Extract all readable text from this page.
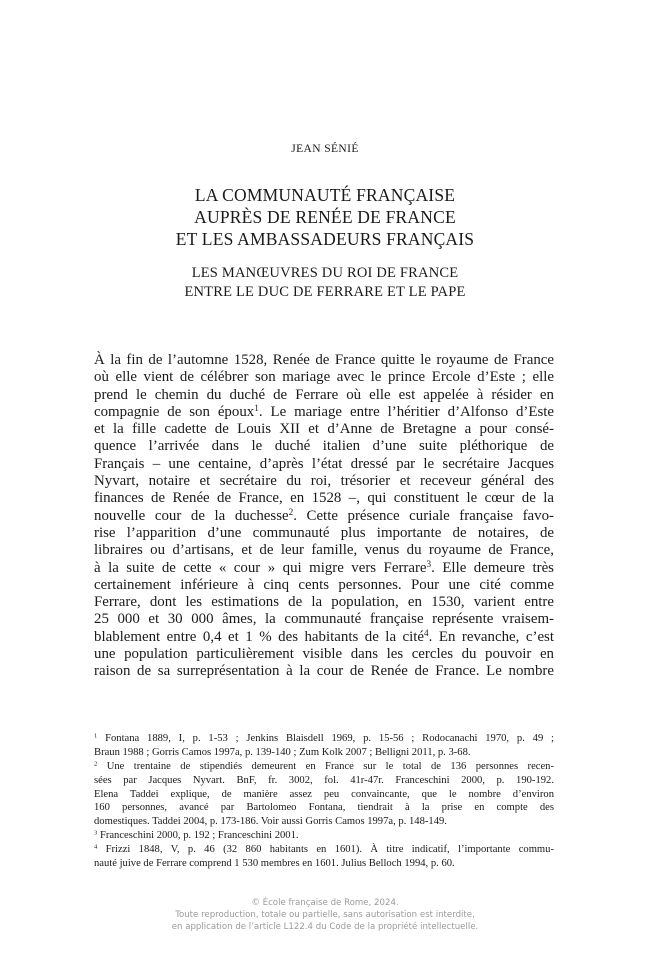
JEAN SÉNIÉ
LA COMMUNAUTÉ FRANÇAISE
AUPRÈS DE RENÉE DE FRANCE
ET LES AMBASSADEURS FRANÇAIS
LES MANŒUVRES DU ROI DE FRANCE
ENTRE LE DUC DE FERRARE ET LE PAPE
À la fin de l’automne 1528, Renée de France quitte le royaume de France
où elle vient de célébrer son mariage avec le prince Ercole d’Este ; elle
prend le chemin du duché de Ferrare où elle est appelée à résider en
compagnie de son époux$^1$. Le mariage entre l’héritier d’Alfonso d’Este
et la fille cadette de Louis XII et d’Anne de Bretagne a pour consé-
quence l’arrivée dans le duché italien d’une suite pléthorique de
Français – une centaine, d’après l’état dressé par le secrétaire Jacques
Nyvart, notaire et secrétaire du roi, trésorier et receveur général des
finances de Renée de France, en 1528 –, qui constituent le cœur de la
nouvelle cour de la duchesse$^2$. Cette présence curiale française favo-
rise l’apparition d’une communauté plus importante de notaires, de
libraires ou d’artisans, et de leur famille, venus du royaume de France,
à la suite de cette « cour » qui migre vers Ferrare$^3$. Elle demeure très
certainement inférieure à cinq cents personnes. Pour une cité comme
Ferrare, dont les estimations de la population, en 1530, varient entre
25 000 et 30 000 âmes, la communauté française représente vraisem-
blablement entre 0,4 et 1 % des habitants de la cité$^4$. En revanche, c’est
une population particulièrement visible dans les cercles du pouvoir en
raison de sa surreprésentation à la cour de Renée de France. Le nombre
$^1$ Fontana 1889, I, p. 1-53 ; Jenkins Blaisdell 1969, p. 15-56 ; Rodocanachi 1970, p. 49 ;
Braun 1988 ; Gorris Camos 1997a, p. 139-140 ; Zum Kolk 2007 ; Belligni 2011, p. 3-68.
$^2$ Une trentaine de stipendiés demeurent en France sur le total de 136 personnes recen-
sées par Jacques Nyvart. BnF, fr. 3002, fol. 41r-47r. Franceschini 2000, p. 190-192.
Elena Taddei explique, de manière assez peu convaincante, que le nombre d’environ
160 personnes, avancé par Bartolomeo Fontana, tiendrait à la prise en compte des
domestiques. Taddei 2004, p. 173-186. Voir aussi Gorris Camos 1997a, p. 148-149.
$^3$ Franceschini 2000, p. 192 ; Franceschini 2001.
$^4$ Frizzi 1848, V, p. 46 (32 860 habitants en 1601). À titre indicatif, l’importante commu-
nauté juive de Ferrare comprend 1 530 membres en 1601. Julius Belloch 1994, p. 60.
© École française de Rome, 2024.
Toute reproduction, totale ou partielle, sans autorisation est interdite,
en application de l’article L122.4 du Code de la propriété intellectuelle.
